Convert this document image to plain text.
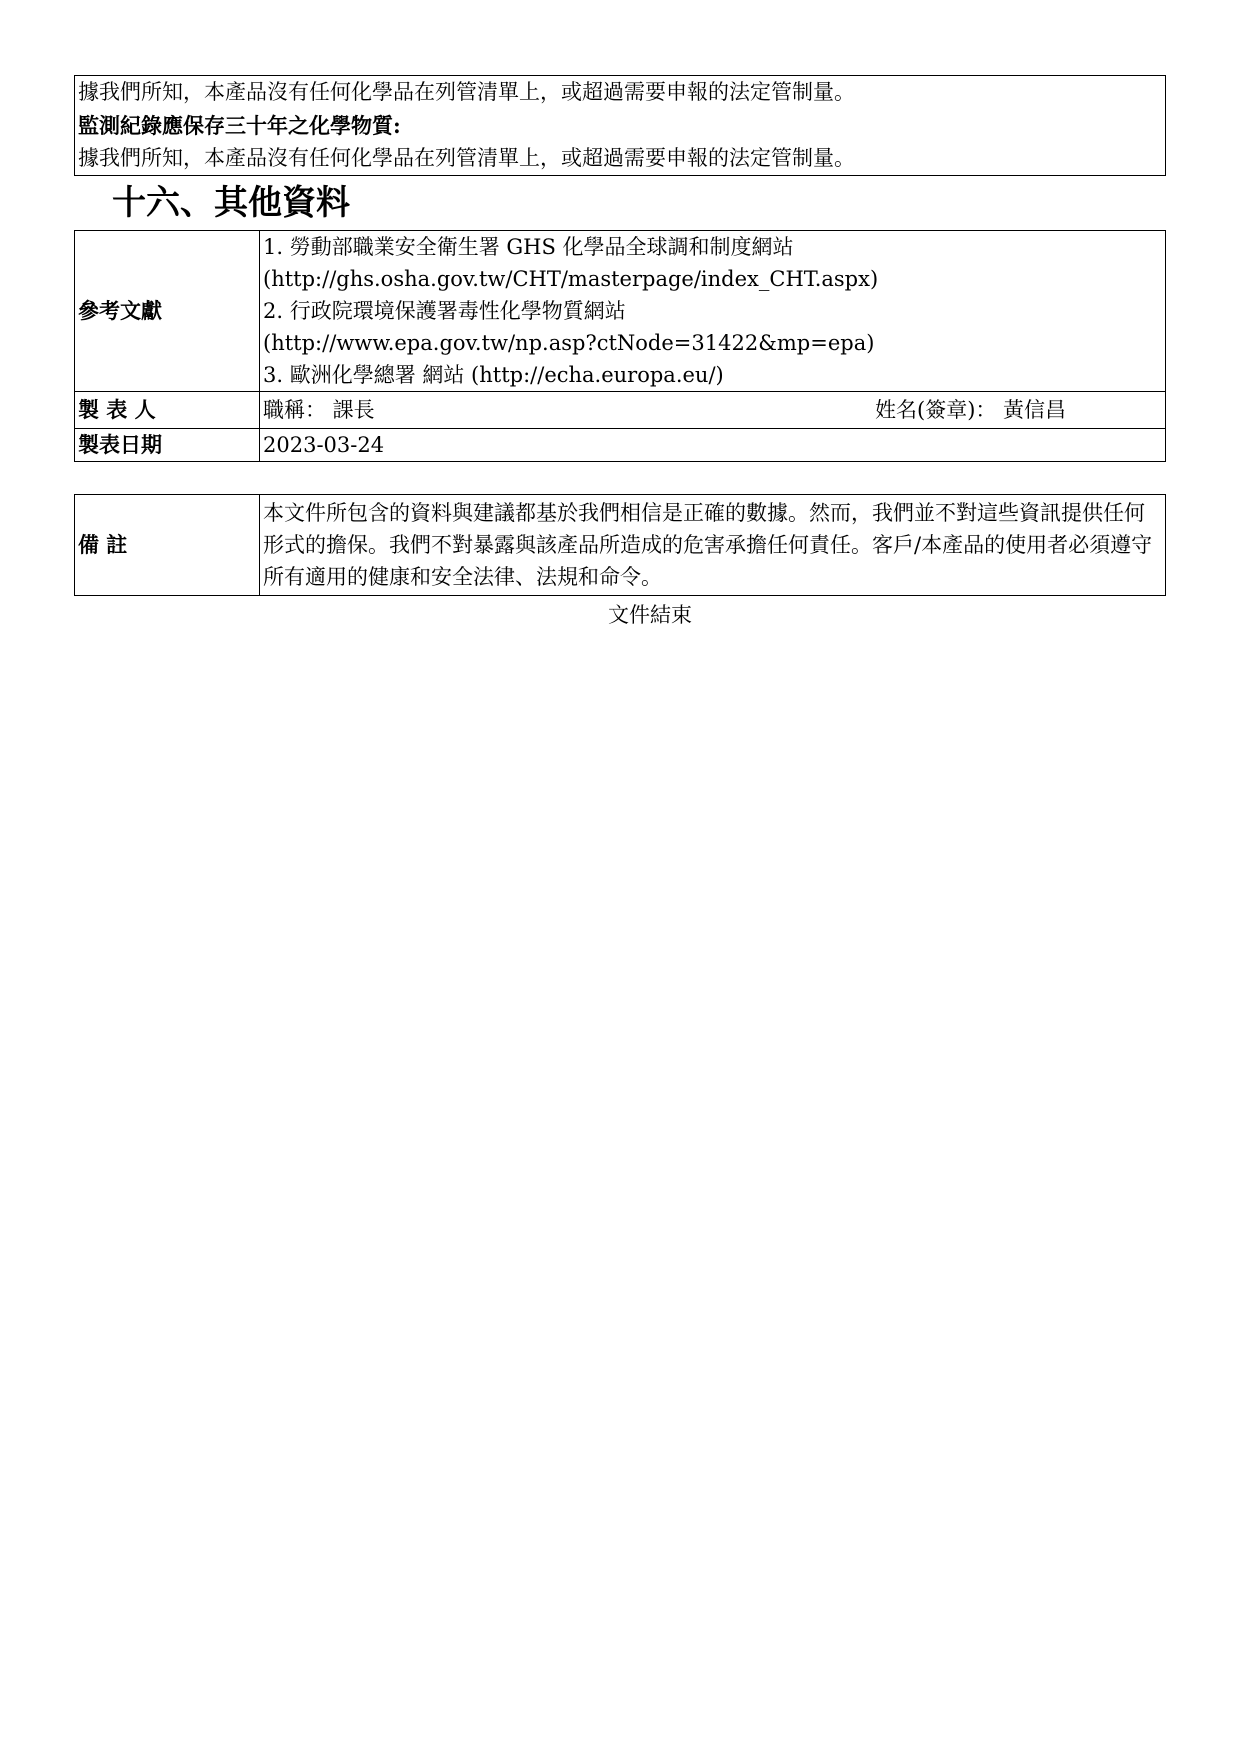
據我們所知，本產品沒有任何化學品在列管清單上，或超過需要申報的法定管制量。
監測紀錄應保存三十年之化學物質:
據我們所知，本產品沒有任何化學品在列管清單上，或超過需要申報的法定管制量。
十六、其他資料
參考文獻	1. 勞動部職業安全衛生署 GHS 化學品全球調和制度網站
(http://ghs.osha.gov.tw/CHT/masterpage/index_CHT.aspx)
2. 行政院環境保護署毒性化學物質網站
(http://www.epa.gov.tw/np.asp?ctNode=31422&mp=epa)
3. 歐洲化學總署 網站 (http://echa.europa.eu/)

製 表 人	職稱： 課長 姓名(簽章)： 黃信昌

製表日期	2023-03-24
備 註	本文件所包含的資料與建議都基於我們相信是正確的數據。然而，我們並不對這些資訊提供任何形式的擔保。我們不對暴露與該產品所造成的危害承擔任何責任。客戶/本產品的使用者必須遵守所有適用的健康和安全法律、法規和命令。
文件結束
